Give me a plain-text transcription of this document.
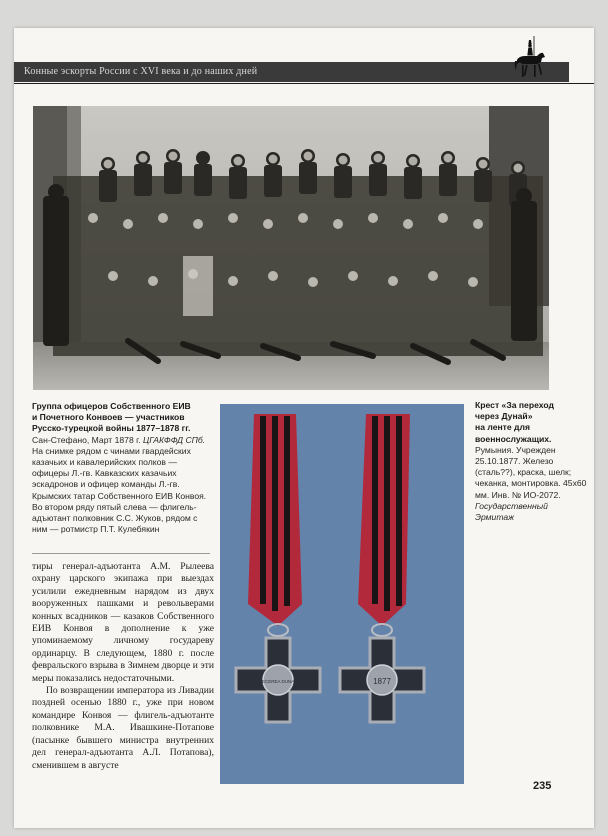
Конные эскорты России с XVI века и до наших дней
Группа офицеров Собственного ЕИВ
и Почетного Конвоев — участников
Русско-турецкой войны 1877–1878 гг.
Сан-Стефано, Март 1878 г. ЦГАКФФД СПб. На снимке рядом с чинами гвардейских казачьих и кавалерийских полков — офицеры Л.-гв. Кавказских казачьих эскадронов и офицер команды Л.-гв. Крымских татар Собственного ЕИВ Конвоя. Во втором ряду пятый слева — флигель-адъютант полковник С.С. Жуков, рядом с ним — ротмистр П.Т. Кулебякин

тиры генерал-адъютанта А.М. Рылеева охрану царского экипажа при выездах усилили ежедневным нарядом из двух вооруженных пашками и револьверами конных всадников — казаков Собственного ЕИВ Конвоя в дополнение к уже упоминаемому личному государеву ординарцу. В следующем, 1880 г. после февральского взрыва в Зимнем дворце и эти меры показались недостаточными.

По возвращении императора из Ливадии поздней осенью 1880 г., уже при новом командире Конвоя — флигель-адъютанте полковнике М.А. Ивашкине-Потапове (пасынке бывшего министра внутренних дел генерал-адъютанта А.Л. Потапова), сменившем в августе

TRECEREA DUNARII	1877
Крест «За переход
через Дунай»
на ленте для
военнослужащих.
Румыния. Учрежден 25.10.1877. Железо (сталь??), краска, шелк; чеканка, монтировка. 45x60 мм. Инв. № ИО-2072.
Государственный Эрмитаж
235
